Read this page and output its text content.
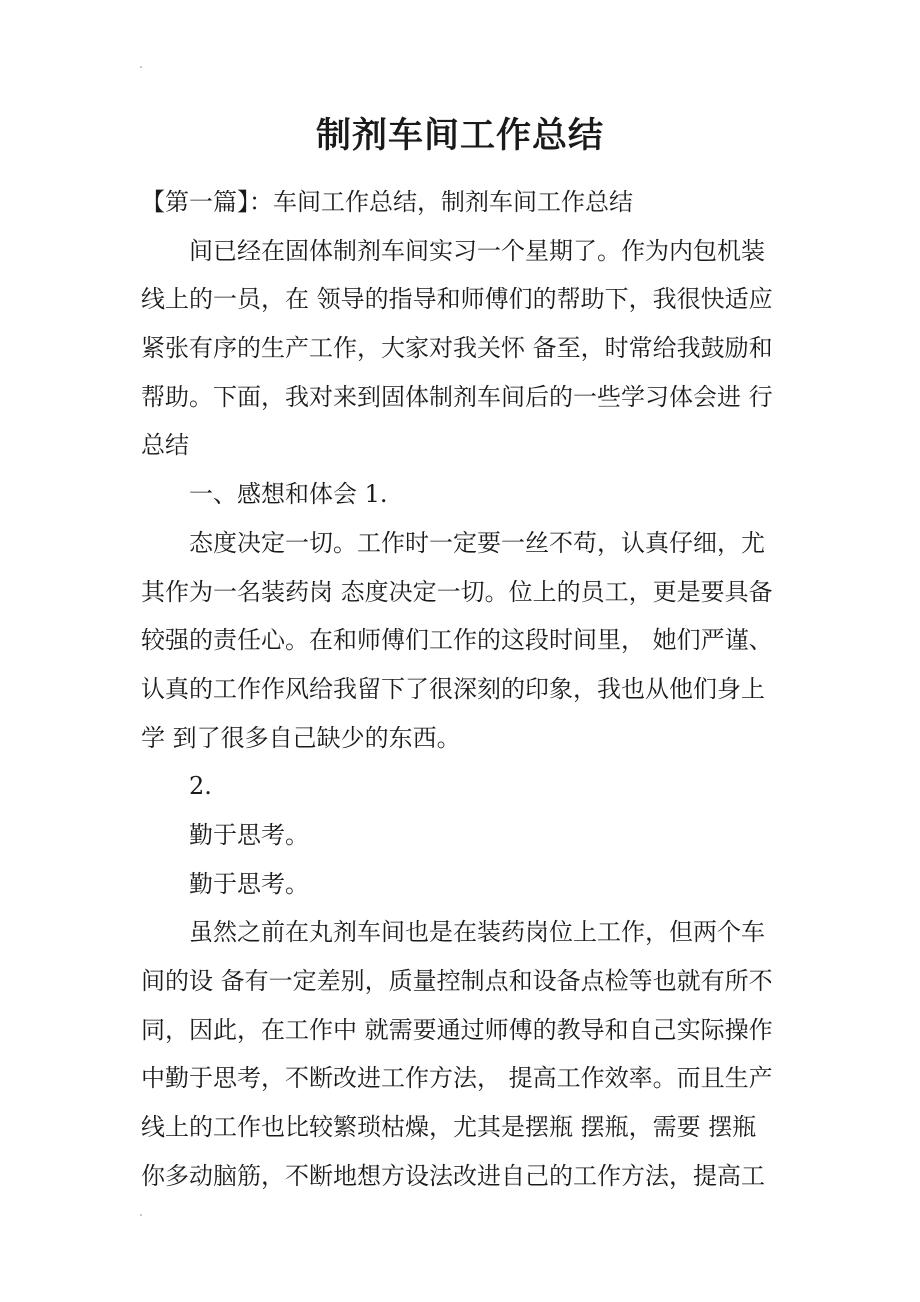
制剂车间工作总结
【第一篇】：车间工作总结，制剂车间工作总结
间已经在固体制剂车间实习一个星期了。作为内包机装
线上的一员，在 领导的指导和师傅们的帮助下，我很快适应
紧张有序的生产工作，大家对我关怀 备至，时常给我鼓励和
帮助。下面，我对来到固体制剂车间后的一些学习体会进 行
总结
一、感想和体会 1.
态度决定一切。工作时一定要一丝不苟，认真仔细，尤
其作为一名装药岗 态度决定一切。位上的员工，更是要具备
较强的责任心。在和师傅们工作的这段时间里， 她们严谨、
认真的工作作风给我留下了很深刻的印象，我也从他们身上
学 到了很多自己缺少的东西。
2.
勤于思考。
勤于思考。
虽然之前在丸剂车间也是在装药岗位上工作，但两个车
间的设 备有一定差别，质量控制点和设备点检等也就有所不
同，因此，在工作中 就需要通过师傅的教导和自己实际操作
中勤于思考，不断改进工作方法， 提高工作效率。而且生产
线上的工作也比较繁琐枯燥，尤其是摆瓶 摆瓶，需要 摆瓶
你多动脑筋，不断地想方设法改进自己的工作方法，提高工
